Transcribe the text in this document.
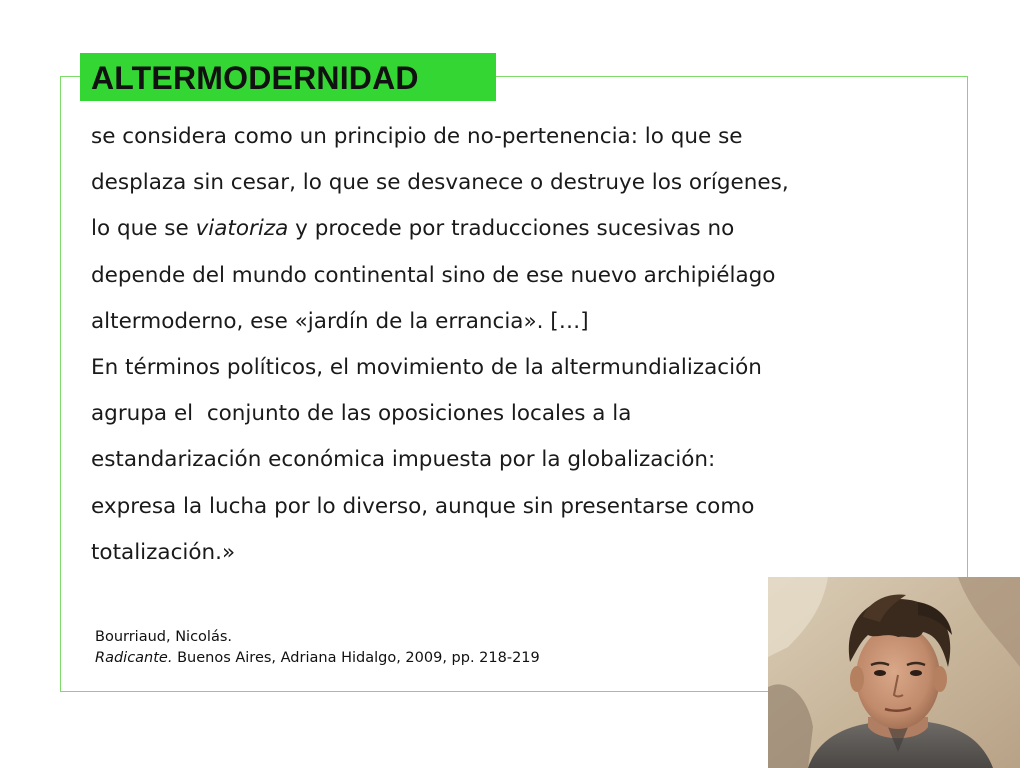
ALTERMODERNIDAD
se considera como un principio de no-pertenencia: lo que se
desplaza sin cesar, lo que se desvanece o destruye los orígenes,
lo que se viatoriza y procede por traducciones sucesivas no
depende del mundo continental sino de ese nuevo archipiélago
altermoderno, ese «jardín de la errancia». […]
En términos políticos, el movimiento de la altermundialización
agrupa el  conjunto de las oposiciones locales a la
estandarización económica impuesta por la globalización:
expresa la lucha por lo diverso, aunque sin presentarse como
totalización.»
Bourriaud, Nicolás.
Radicante. Buenos Aires, Adriana Hidalgo, 2009, pp. 218-219
